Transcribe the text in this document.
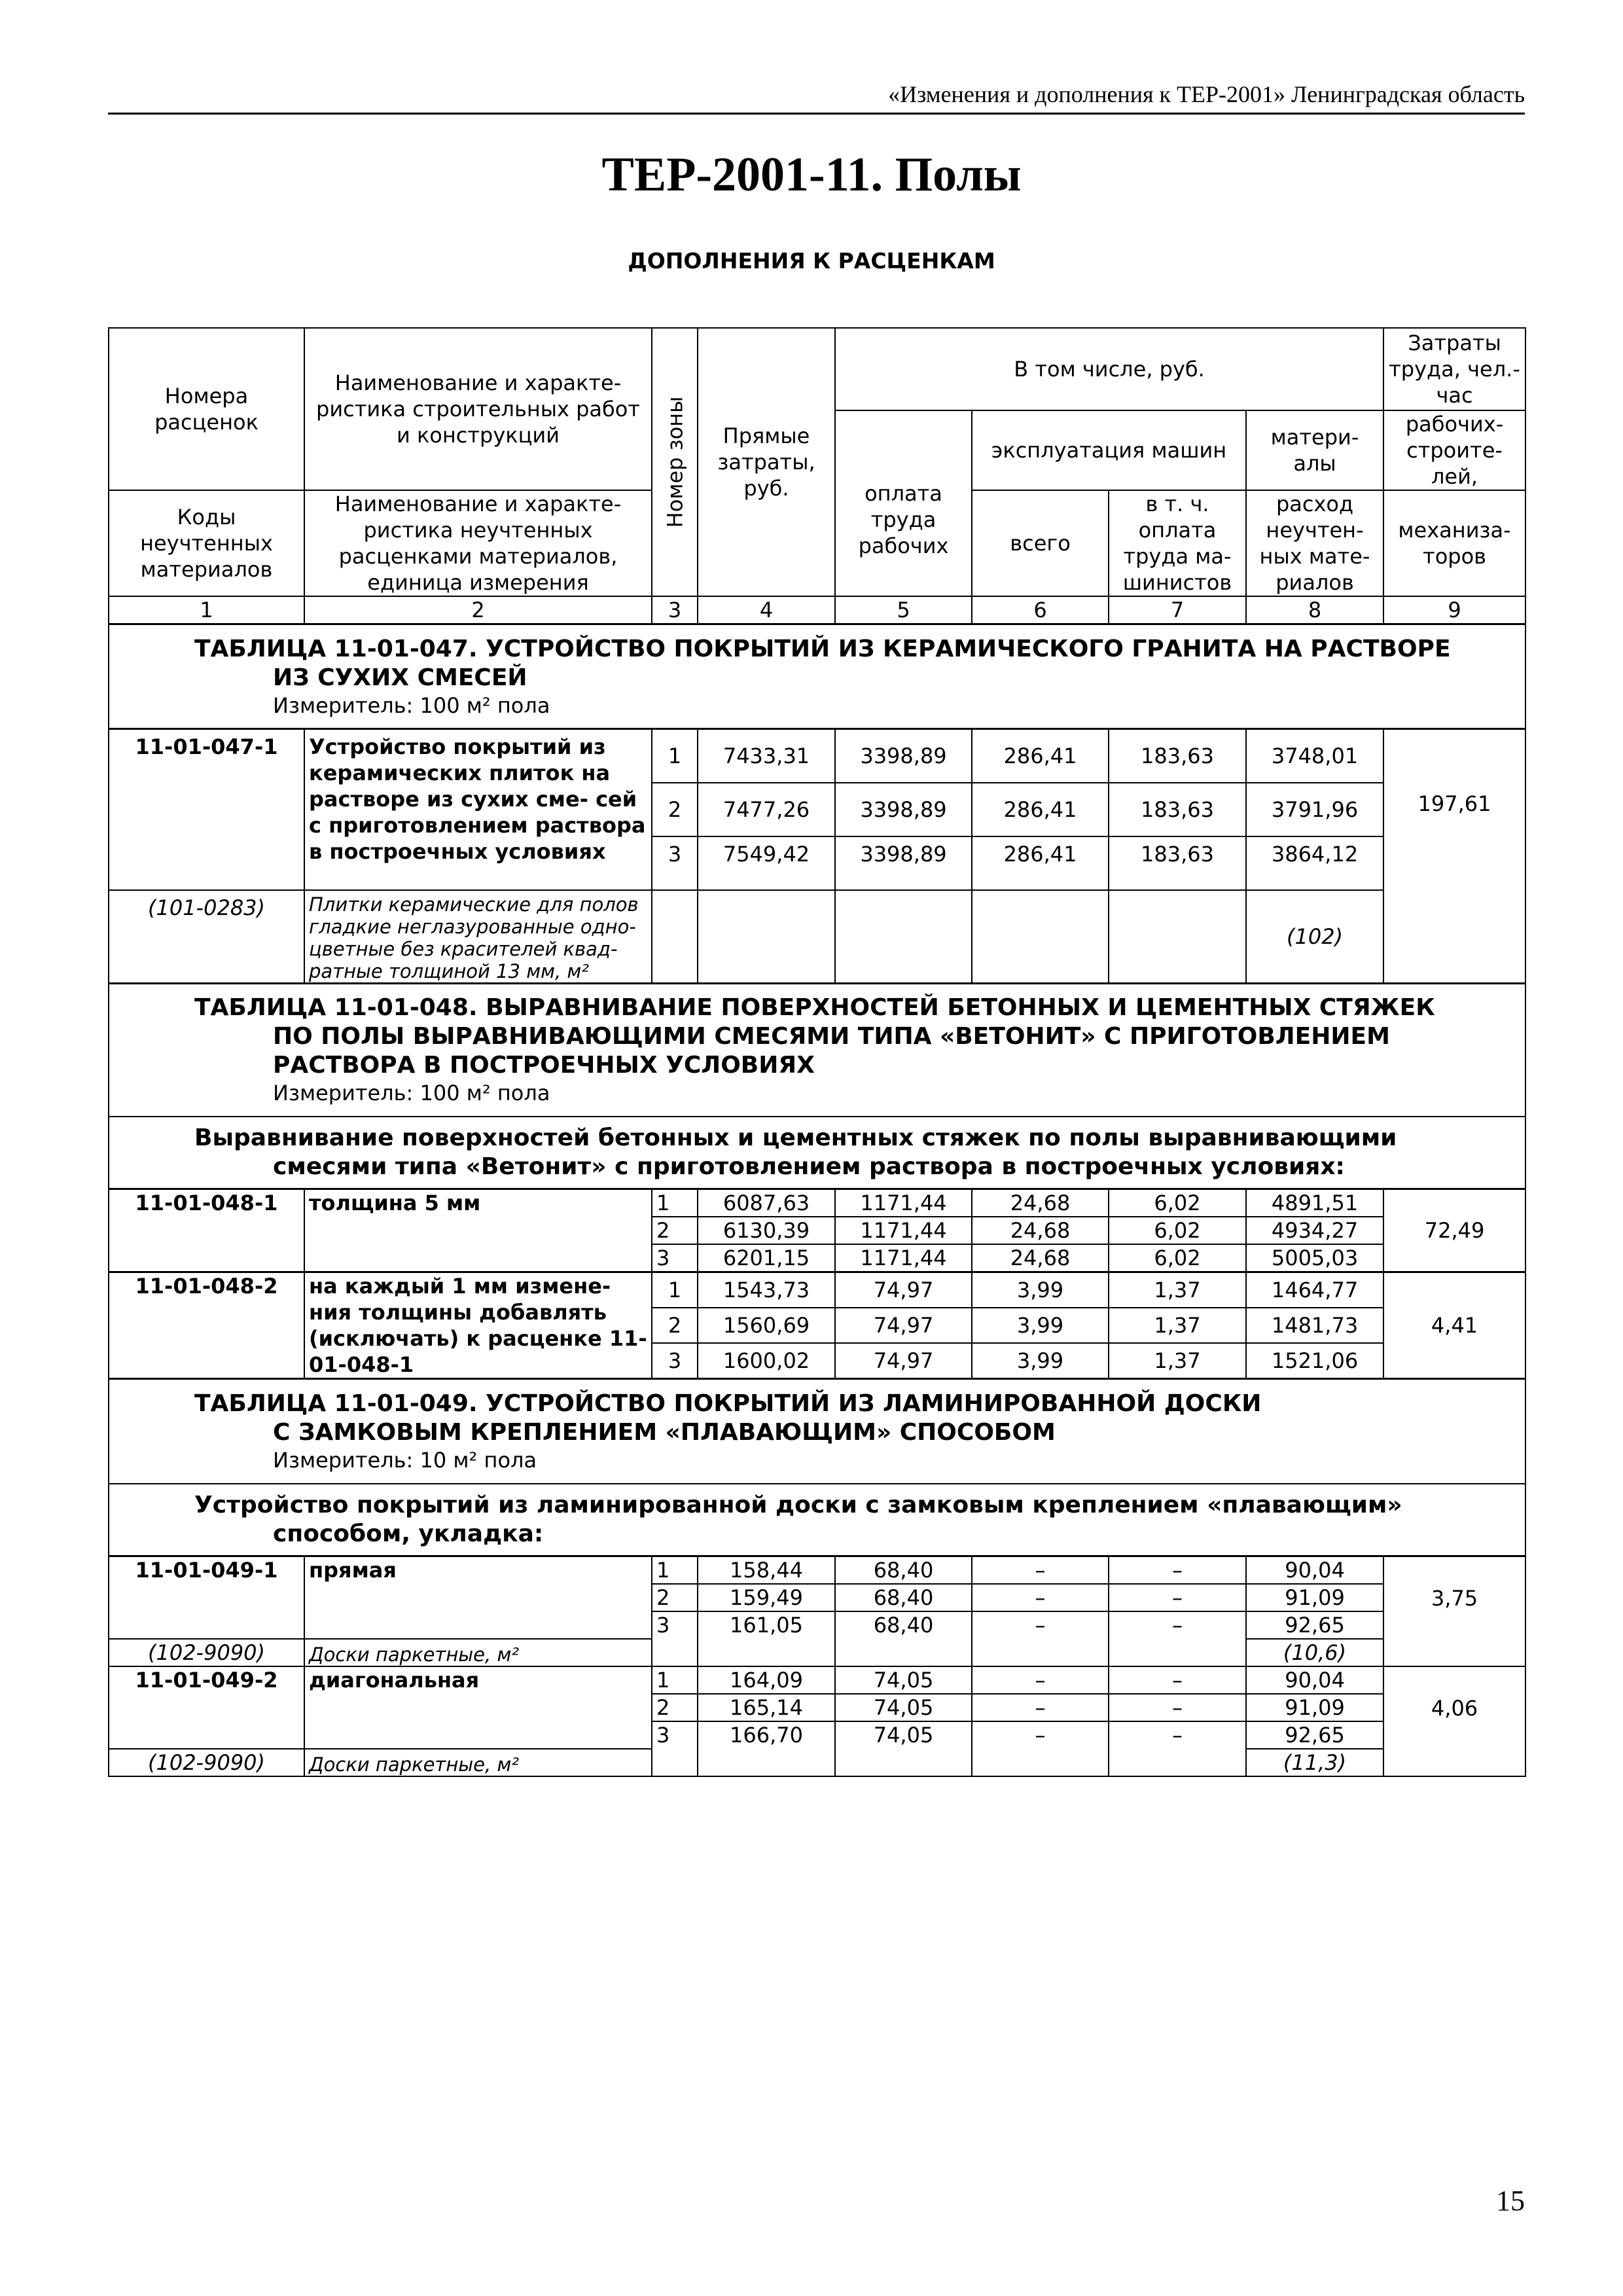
«Изменения и дополнения к ТЕР-2001» Ленинградская область
ТЕР-2001-11. Полы
ДОПОЛНЕНИЯ К РАСЦЕНКАМ
Номера расценок	Наименование и характе- ристика строительных работ и конструкций	Номер зоны	Прямые затраты, руб.	В том числе, руб.				Затраты труда, чел.-час
				оплата труда рабочих	эксплуатация машин		матери- алы	рабочих- строите- лей,

Коды неучтенных материалов	Наименование и характе- ристика неучтенных расценками материалов, единица измерения				всего	в т. ч. оплата труда ма- шинистов	расход неучтен- ных мате- риалов	механиза- торов

1	2	3	4	5	6	7	8	9

ТАБЛИЦА 11-01-047. УСТРОЙСТВО ПОКРЫТИЙ ИЗ КЕРАМИЧЕСКОГО ГРАНИТА НА РАСТВОРЕ
ИЗ СУХИХ СМЕСЕЙ
Измеритель: 100 м² пола								

11-01-047-1	Устройство покрытий из керамических плиток на растворе из сухих сме- сей с приготовлением раствора в построечных условиях	1	7433,31	3398,89	286,41	183,63	3748,01	197,61
		2	7477,26	3398,89	286,41	183,63	3791,96	
		3	7549,42	3398,89	286,41	183,63	3864,12	

(101-0283)	Плитки керамические для полов гладкие неглазурованные одно- цветные без красителей квад- ратные толщиной 13 мм, м²						(102)	

ТАБЛИЦА 11-01-048. ВЫРАВНИВАНИЕ ПОВЕРХНОСТЕЙ БЕТОННЫХ И ЦЕМЕНТНЫХ СТЯЖЕК
ПО ПОЛЫ ВЫРАВНИВАЮЩИМИ СМЕСЯМИ ТИПА «ВЕТОНИТ» С ПРИГОТОВЛЕНИЕМ
РАСТВОРА В ПОСТРОЕЧНЫХ УСЛОВИЯХ
Измеритель: 100 м² пола								

Выравнивание поверхностей бетонных и цементных стяжек по полы выравнивающими
смесями типа «Ветонит» с приготовлением раствора в построечных условиях:								

11-01-048-1	толщина 5 мм	1	6087,63	1171,44	24,68	6,02	4891,51	72,49
		2	6130,39	1171,44	24,68	6,02	4934,27	
		3	6201,15	1171,44	24,68	6,02	5005,03	

11-01-048-2	на каждый 1 мм измене- ния толщины добавлять (исключать) к расценке 11-01-048-1	1	1543,73	74,97	3,99	1,37	1464,77	4,41
		2	1560,69	74,97	3,99	1,37	1481,73	
		3	1600,02	74,97	3,99	1,37	1521,06	

ТАБЛИЦА 11-01-049. УСТРОЙСТВО ПОКРЫТИЙ ИЗ ЛАМИНИРОВАННОЙ ДОСКИ
С ЗАМКОВЫМ КРЕПЛЕНИЕМ «ПЛАВАЮЩИМ» СПОСОБОМ
Измеритель: 10 м² пола								

Устройство покрытий из ламинированной доски с замковым креплением «плавающим»
способом, укладка:								

11-01-049-1	прямая	1	158,44	68,40	–	–	90,04	3,75
		2	159,49	68,40	–	–	91,09	
		3	161,05	68,40	–	–	92,65	

(102-9090)	Доски паркетные, м²						(10,6)	

11-01-049-2	диагональная	1	164,09	74,05	–	–	90,04	4,06
		2	165,14	74,05	–	–	91,09	
		3	166,70	74,05	–	–	92,65	

(102-9090)	Доски паркетные, м²						(11,3)	
15
